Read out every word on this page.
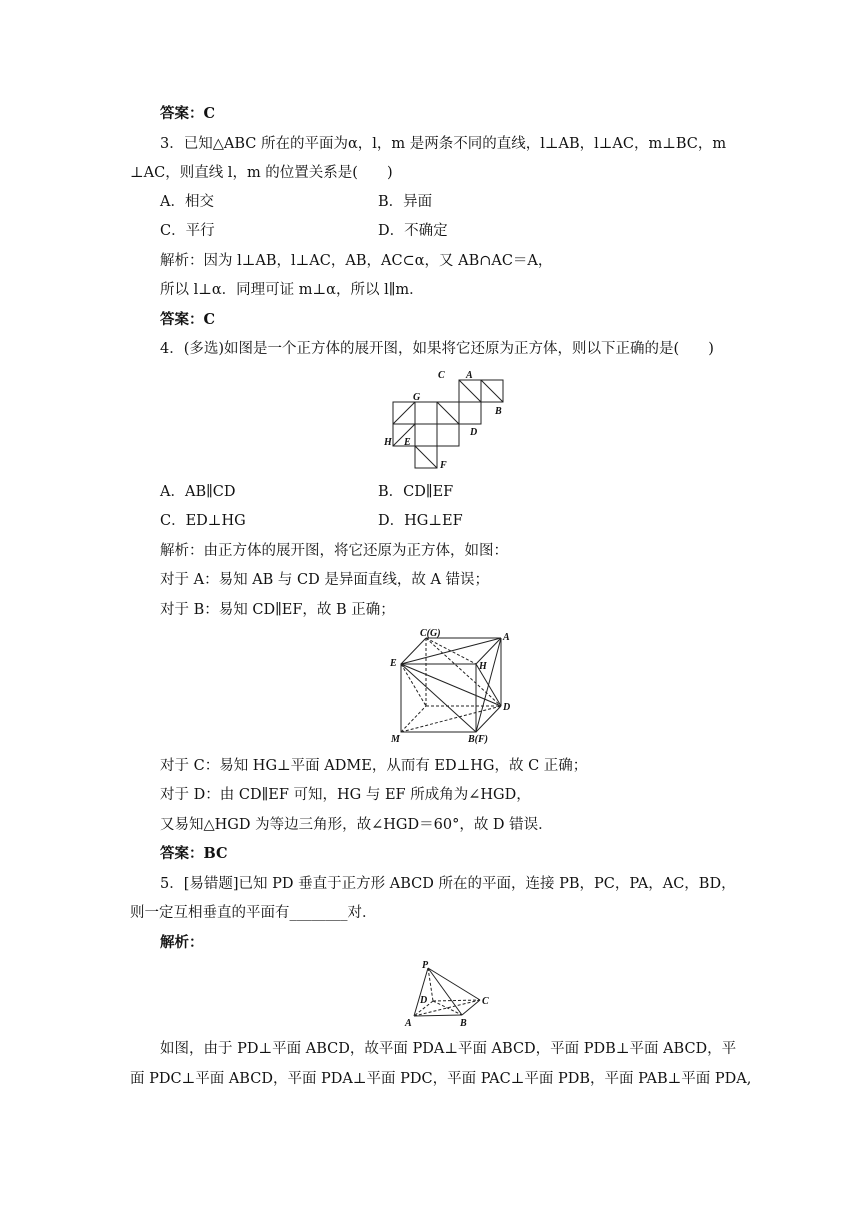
答案：C
3．已知△ABC 所在的平面为α，l，m 是两条不同的直线，l⊥AB，l⊥AC，m⊥BC，m
⊥AC，则直线 l，m 的位置关系是(　　)
A．相交	B．异面
C．平行	D．不确定
解析：因为 l⊥AB，l⊥AC，AB，AC⊂α，又 AB∩AC＝A，
所以 l⊥α．同理可证 m⊥α，所以 l∥m．
答案：C
4．(多选)如图是一个正方体的展开图，如果将它还原为正方体，则以下正确的是(　　)
C A
G
D
B
H E
F
A．AB∥CD	B．CD∥EF
C．ED⊥HG	D．HG⊥EF
解析：由正方体的展开图，将它还原为正方体，如图：
对于 A：易知 AB 与 CD 是异面直线，故 A 错误；
对于 B：易知 CD∥EF，故 B 正确；
C(G)	A
E	H
D
M	B(F)
对于 C：易知 HG⊥平面 ADME，从而有 ED⊥HG，故 C 正确；
对于 D：由 CD∥EF 可知，HG 与 EF 所成角为∠HGD，
又易知△HGD 为等边三角形，故∠HGD＝60°，故 D 错误．
答案：BC
5．[易错题]已知 PD 垂直于正方形 ABCD 所在的平面，连接 PB，PC，PA，AC，BD，
则一定互相垂直的平面有________对．
解析：
P
D	C
A	B
如图，由于 PD⊥平面 ABCD，故平面 PDA⊥平面 ABCD，平面 PDB⊥平面 ABCD，平
面 PDC⊥平面 ABCD，平面 PDA⊥平面 PDC，平面 PAC⊥平面 PDB，平面 PAB⊥平面 PDA,
